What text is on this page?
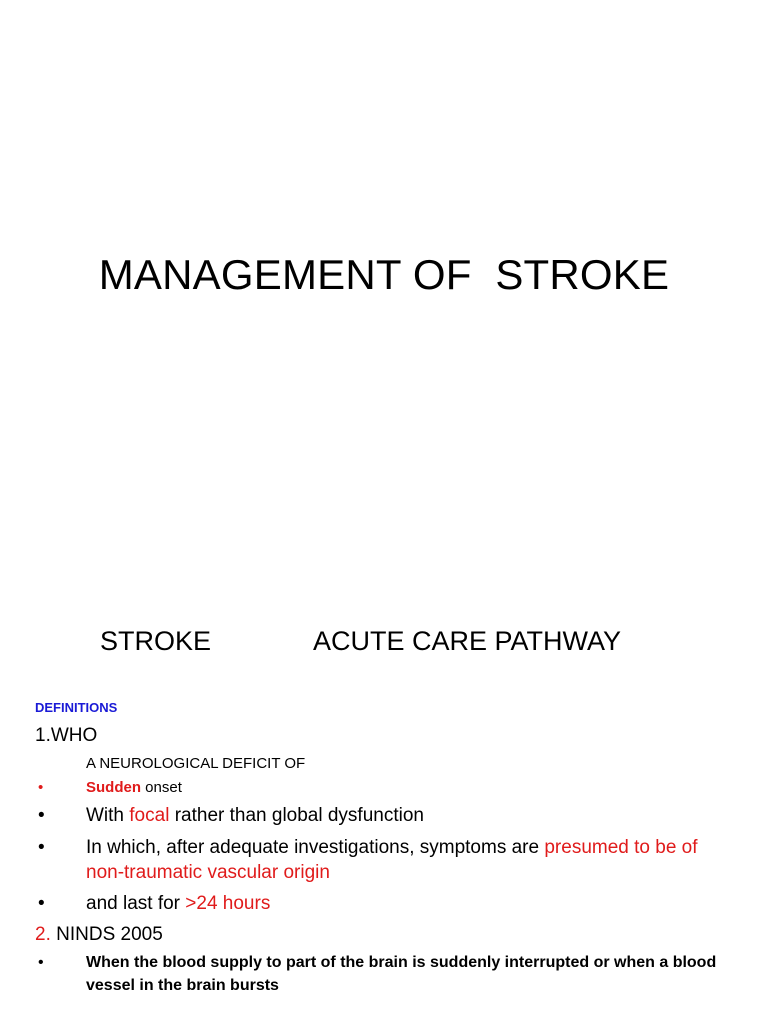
MANAGEMENT OF  STROKE
STROKE	ACUTE CARE PATHWAY
DEFINITIONS
1.WHO
A NEUROLOGICAL DEFICIT OF
•	Sudden onset
• With focal rather than global dysfunction
• In which, after adequate investigations, symptoms are presumed to be of non-traumatic vascular origin
• and last for >24 hours
2. NINDS 2005
•	When the blood supply to part of the brain is suddenly interrupted or when a blood vessel in the brain bursts
